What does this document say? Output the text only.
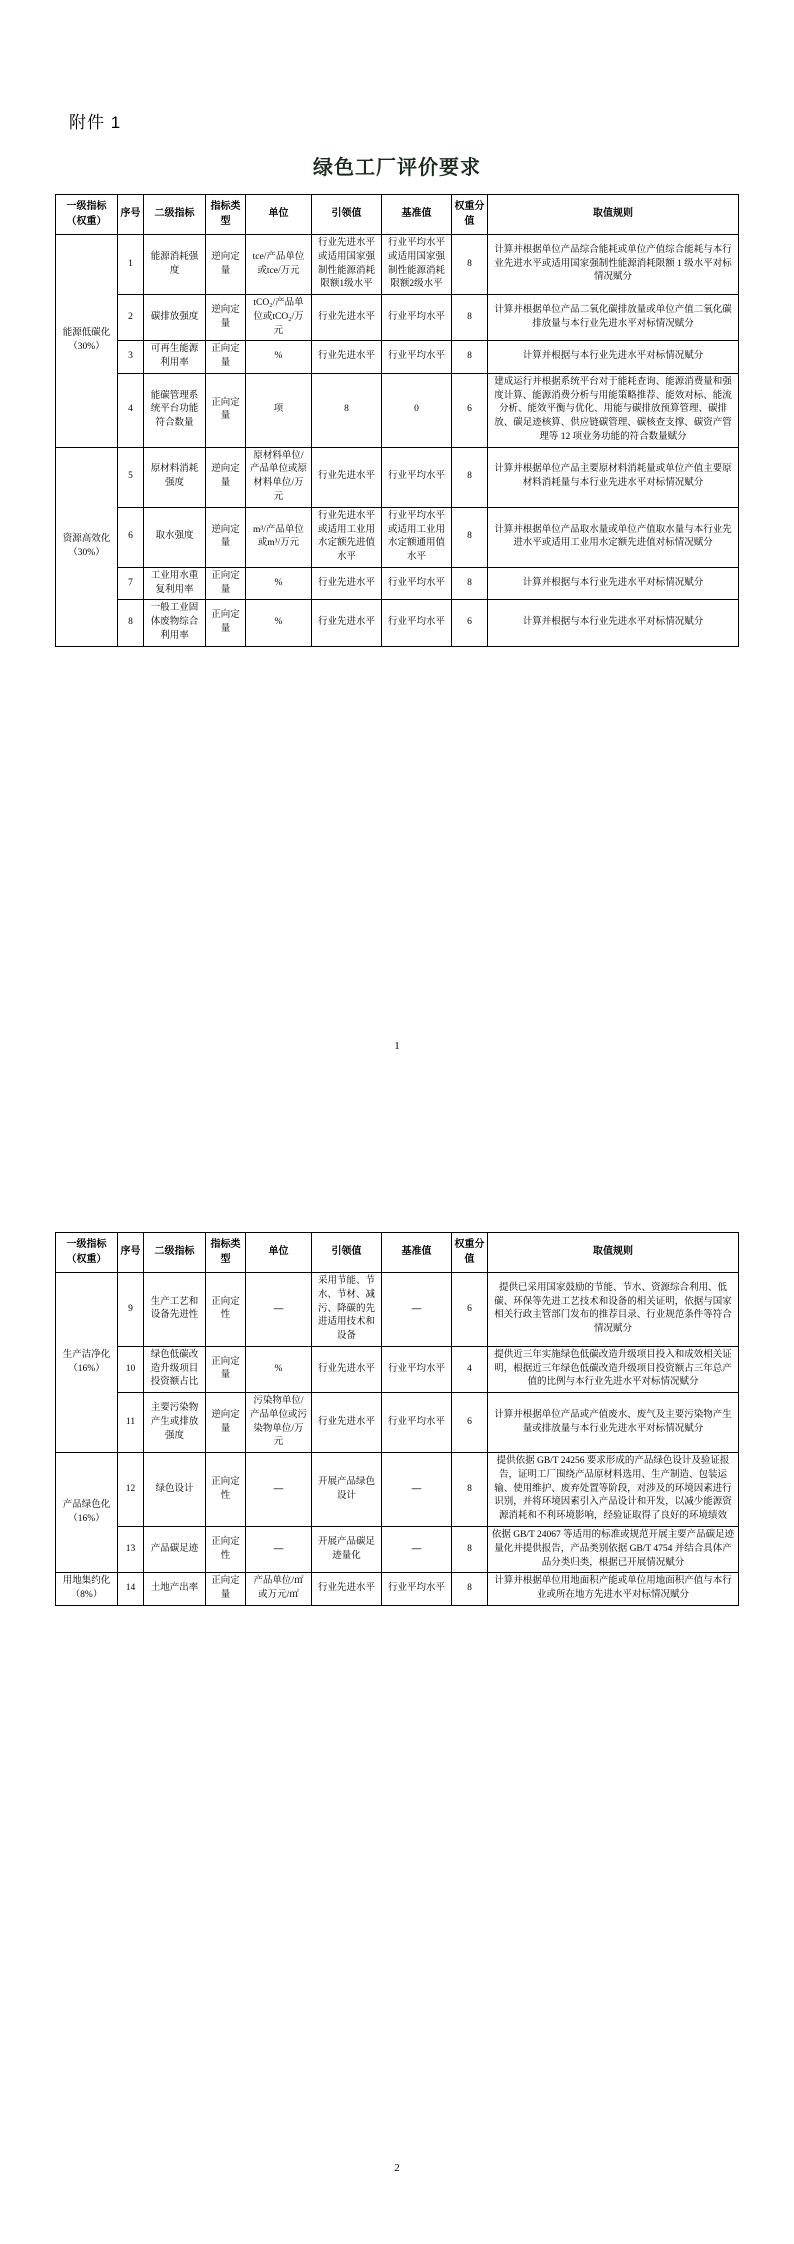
附件 1
绿色工厂评价要求
一级指标（权重）	序号	二级指标	指标类型	单位	引领值	基准值	权重分值	取值规则
能源低碳化（30%）	1	能源消耗强度	逆向定量	tce/产品单位或tce/万元	行业先进水平或适用国家强制性能源消耗限额1级水平	行业平均水平或适用国家强制性能源消耗限额2级水平	8	计算并根据单位产品综合能耗或单位产值综合能耗与本行业先进水平或适用国家强制性能源消耗限额 1 级水平对标情况赋分
	2	碳排放强度	逆向定量	tCO₂/产品单位或tCO₂/万元	行业先进水平	行业平均水平	8	计算并根据单位产品二氧化碳排放量或单位产值二氧化碳排放量与本行业先进水平对标情况赋分
	3	可再生能源利用率	正向定量	%	行业先进水平	行业平均水平	8	计算并根据与本行业先进水平对标情况赋分
	4	能碳管理系统平台功能符合数量	正向定量	项	8	0	6	建成运行并根据系统平台对于能耗查询、能源消费量和强度计算、能源消费分析与用能策略推荐、能效对标、能流分析、能效平衡与优化、用能与碳排放预算管理、碳排放、碳足迹核算、供应链碳管理、碳核查支撑、碳资产管理等 12 项业务功能的符合数量赋分
资源高效化（30%）	5	原材料消耗强度	逆向定量	原材料单位/产品单位或原材料单位/万元	行业先进水平	行业平均水平	8	计算并根据单位产品主要原材料消耗量或单位产值主要原材料消耗量与本行业先进水平对标情况赋分
	6	取水强度	逆向定量	m³/产品单位或m³/万元	行业先进水平或适用工业用水定额先进值水平	行业平均水平或适用工业用水定额通用值水平	8	计算并根据单位产品取水量或单位产值取水量与本行业先进水平或适用工业用水定额先进值对标情况赋分
	7	工业用水重复利用率	正向定量	%	行业先进水平	行业平均水平	8	计算并根据与本行业先进水平对标情况赋分
	8	一般工业固体废物综合利用率	正向定量	%	行业先进水平	行业平均水平	6	计算并根据与本行业先进水平对标情况赋分
1
一级指标（权重）	序号	二级指标	指标类型	单位	引领值	基准值	权重分值	取值规则
生产洁净化（16%）	9	生产工艺和设备先进性	正向定性	—	采用节能、节水、节材、减污、降碳的先进适用技术和设备	—	6	提供已采用国家鼓励的节能、节水、资源综合利用、低碳、环保等先进工艺技术和设备的相关证明，依据与国家相关行政主管部门发布的推荐目录、行业规范条件等符合情况赋分
	10	绿色低碳改造升级项目投资额占比	正向定量	%	行业先进水平	行业平均水平	4	提供近三年实施绿色低碳改造升级项目投入和成效相关证明，根据近三年绿色低碳改造升级项目投资额占三年总产值的比例与本行业先进水平对标情况赋分
	11	主要污染物产生或排放强度	逆向定量	污染物单位/产品单位或污染物单位/万元	行业先进水平	行业平均水平	6	计算并根据单位产品或产值废水、废气及主要污染物产生量或排放量与本行业先进水平对标情况赋分
产品绿色化（16%）	12	绿色设计	正向定性	—	开展产品绿色设计	—	8	提供依据 GB/T 24256 要求形成的产品绿色设计及验证报告，证明工厂围绕产品原材料选用、生产制造、包装运输、使用维护、废弃处置等阶段，对涉及的环境因素进行识别，并将环境因素引入产品设计和开发，以减少能源资源消耗和不利环境影响，经验证取得了良好的环境绩效
	13	产品碳足迹	正向定性	—	开展产品碳足迹量化	—	8	依据 GB/T 24067 等适用的标准或规范开展主要产品碳足迹量化并提供报告，产品类别依据 GB/T 4754 并结合具体产品分类归类，根据已开展情况赋分
用地集约化（8%）	14	土地产出率	正向定量	产品单位/㎡或万元/㎡	行业先进水平	行业平均水平	8	计算并根据单位用地面积产能或单位用地面积产值与本行业或所在地方先进水平对标情况赋分
2
